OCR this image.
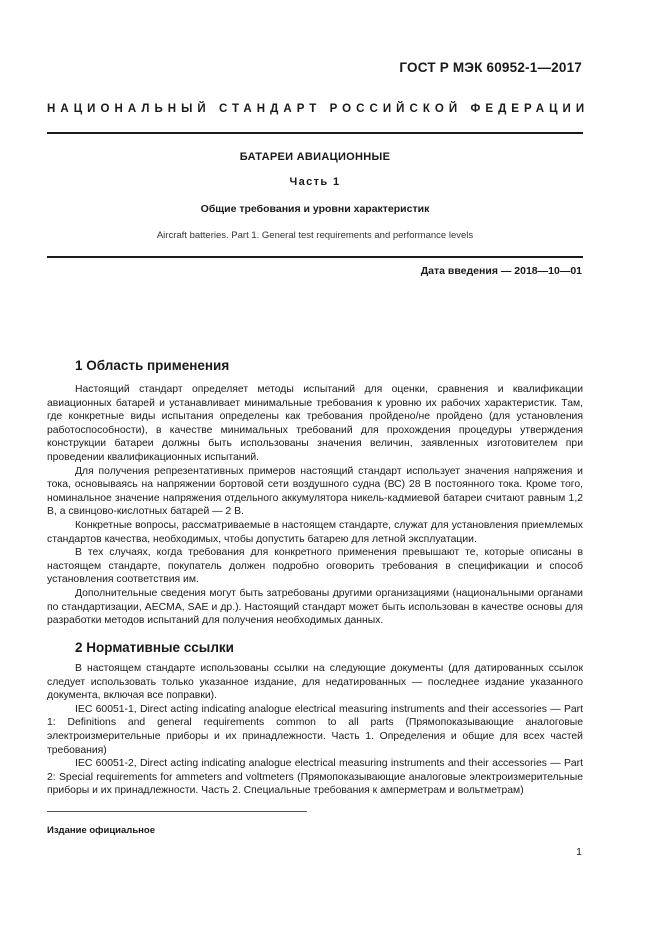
ГОСТ Р МЭК 60952-1—2017
НАЦИОНАЛЬНЫЙ СТАНДАРТ РОССИЙСКОЙ ФЕДЕРАЦИИ
БАТАРЕИ АВИАЦИОННЫЕ
Часть 1
Общие требования и уровни характеристик
Aircraft batteries. Part 1. General test requirements and performance levels
Дата введения — 2018—10—01
1 Область применения

Настоящий стандарт определяет методы испытаний для оценки, сравнения и квалификации авиационных батарей и устанавливает минимальные требования к уровню их рабочих характеристик. Там, где конкретные виды испытания определены как требования пройдено/не пройдено (для установления работоспособности), в качестве минимальных требований для прохождения процедуры утверждения конструкции батареи должны быть использованы значения величин, заявленных изготовителем при проведении квалификационных испытаний.

Для получения репрезентативных примеров настоящий стандарт использует значения напряжения и тока, основываясь на напряжении бортовой сети воздушного судна (ВС) 28 В постоянного тока. Кроме того, номинальное значение напряжения отдельного аккумулятора никель-кадмиевой батареи считают равным 1,2 В, а свинцово-кислотных батарей — 2 В.

Конкретные вопросы, рассматриваемые в настоящем стандарте, служат для установления приемлемых стандартов качества, необходимых, чтобы допустить батарею для летной эксплуатации.

В тех случаях, когда требования для конкретного применения превышают те, которые описаны в настоящем стандарте, покупатель должен подробно оговорить требования в спецификации и способ установления соответствия им.

Дополнительные сведения могут быть затребованы другими организациями (национальными органами по стандартизации, AECMA, SAE и др.). Настоящий стандарт может быть использован в качестве основы для разработки методов испытаний для получения необходимых данных.

2 Нормативные ссылки

В настоящем стандарте использованы ссылки на следующие документы (для датированных ссылок следует использовать только указанное издание, для недатированных — последнее издание указанного документа, включая все поправки).

IEC 60051-1, Direct acting indicating analogue electrical measuring instruments and their accessories — Part 1: Definitions and general requirements common to all parts (Прямопоказывающие аналоговые электроизмерительные приборы и их принадлежности. Часть 1. Определения и общие для всех частей требования)

IEC 60051-2, Direct acting indicating analogue electrical measuring instruments and their accessories — Part 2: Special requirements for ammeters and voltmeters (Прямопоказывающие аналоговые электроизмерительные приборы и их принадлежности. Часть 2. Специальные требования к амперметрам и вольтметрам)

Издание официальное
1
